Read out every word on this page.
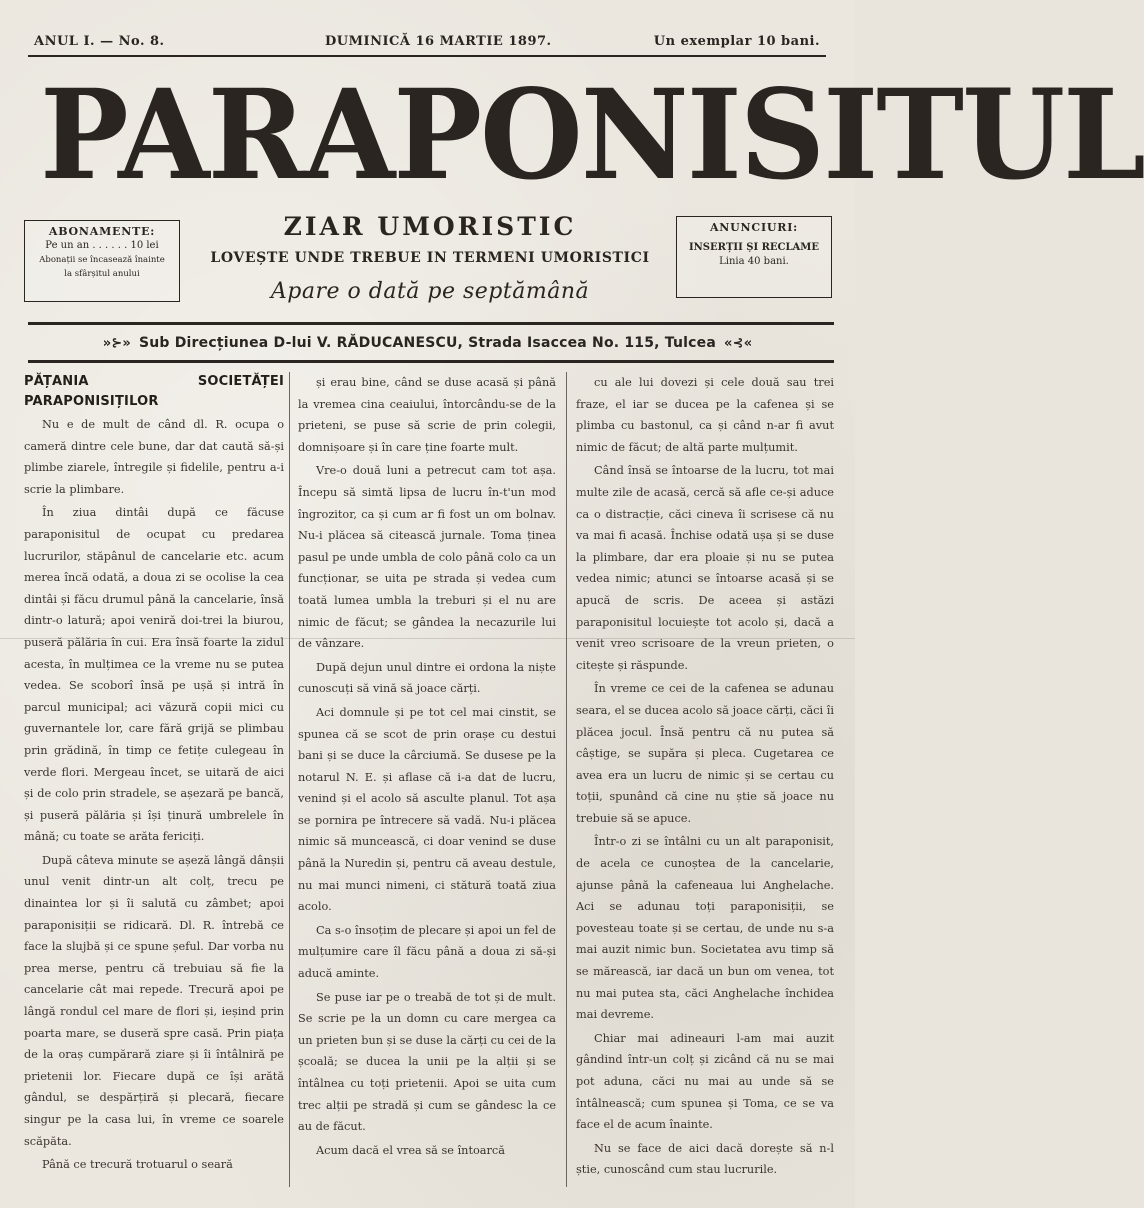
ANUL I. — No. 8.	DUMINICĂ 16 MARTIE 1897.	Un exemplar 10 bani.
PARAPONISITUL
ABONAMENTE:
Pe un an . . . . . . 10 lei
Abonații se încasează înainte
la sfârșitul anului
ANUNCIURI:
INSERȚII ȘI RECLAME
Linia 40 bani.
ZIAR UMORISTIC
LOVEȘTE UNDE TREBUE IN TERMENI UMORISTICI
Apare o dată pe septămână
»⊱» Sub Direcțiunea D-lui V. RĂDUCANESCU, Strada Isaccea No. 115, Tulcea «⊰«

PĂȚANIA SOCIETĂȚEI PARAPONISIȚILOR

Nu e de mult de când dl. R. ocupa o cameră dintre cele bune, dar dat caută să-și plimbe ziarele, întregile și fidelile, pentru a-i scrie la plimbare.

În ziua dintâi după ce făcuse paraponisitul de ocupat cu predarea lucrurilor, stăpânul de cancelarie etc. acum merea încă odată, a doua zi se ocolise la cea dintâi și făcu drumul până la cancelarie, însă dintr-o latură; apoi veniră doi-trei la biurou, puseră pălăria în cui. Era însă foarte la zidul acesta, în mulțimea ce la vreme nu se putea vedea. Se scoborî însă pe ușă și intră în parcul municipal; aci văzură copii mici cu guvernantele lor, care fără grijă se plimbau prin grădină, în timp ce fetițe culegeau în verde flori. Mergeau încet, se uitară de aici și de colo prin stradele, se așezară pe bancă, și puseră pălăria și își ținură umbrelele în mână; cu toate se arăta fericiți.

După câteva minute se așeză lângă dânșii unul venit dintr-un alt colț, trecu pe dinaintea lor și îi salută cu zâmbet; apoi paraponisiții se ridicară. Dl. R. întrebă ce face la slujbă și ce spune șeful. Dar vorba nu prea merse, pentru că trebuiau să fie la cancelarie cât mai repede. Trecură apoi pe lângă rondul cel mare de flori și, ieșind prin poarta mare, se duseră spre casă. Prin piața de la oraș cumpărară ziare și îi întâlniră pe prietenii lor. Fiecare după ce își arătă gândul, se despărțiră și plecară, fiecare singur pe la casa lui, în vreme ce soarele scăpăta.

Până ce trecură trotuarul o seară

și erau bine, când se duse acasă și până la vremea cina ceaiului, întorcându-se de la prieteni, se puse să scrie de prin colegii, domnișoare și în care ține foarte mult.

Vre-o două luni a petrecut cam tot așa. Începu să simtă lipsa de lucru în-t'un mod îngrozitor, ca și cum ar fi fost un om bolnav. Nu-i plăcea să citească jurnale. Toma ținea pasul pe unde umbla de colo până colo ca un funcționar, se uita pe strada și vedea cum toată lumea umbla la treburi și el nu are nimic de făcut; se gândea la necazurile lui de vânzare.

După dejun unul dintre ei ordona la niște cunoscuți să vină să joace cărți.

Aci domnule și pe tot cel mai cinstit, se spunea că se scot de prin orașe cu destui bani și se duce la cârciumă. Se dusese pe la notarul N. E. și aflase că i-a dat de lucru, venind și el acolo să asculte planul. Tot așa se pornira pe întrecere să vadă. Nu-i plăcea nimic să muncească, ci doar venind se duse până la Nuredin și, pentru că aveau destule, nu mai munci nimeni, ci stătură toată ziua acolo.

Ca s-o însoțim de plecare și apoi un fel de mulțumire care îl făcu până a doua zi să-și aducă aminte.

Se puse iar pe o treabă de tot și de mult. Se scrie pe la un domn cu care mergea ca un prieten bun și se duse la cărți cu cei de la școală; se ducea la unii pe la alții și se întâlnea cu toți prietenii. Apoi se uita cum trec alții pe stradă și cum se gândesc la ce au de făcut.

Acum dacă el vrea să se întoarcă

cu ale lui dovezi și cele două sau trei fraze, el iar se ducea pe la cafenea și se plimba cu bastonul, ca și când n-ar fi avut nimic de făcut; de altă parte mulțumit.

Când însă se întoarse de la lucru, tot mai multe zile de acasă, cercă să afle ce-și aduce ca o distracție, căci cineva îi scrisese că nu va mai fi acasă. Închise odată ușa și se duse la plimbare, dar era ploaie și nu se putea vedea nimic; atunci se întoarse acasă și se apucă de scris. De aceea și astăzi paraponisitul locuiește tot acolo și, dacă a venit vreo scrisoare de la vreun prieten, o citește și răspunde.

În vreme ce cei de la cafenea se adunau seara, el se ducea acolo să joace cărți, căci îi plăcea jocul. Însă pentru că nu putea să câștige, se supăra și pleca. Cugetarea ce avea era un lucru de nimic și se certau cu toții, spunând că cine nu știe să joace nu trebuie să se apuce.

Într-o zi se întâlni cu un alt paraponisit, de acela ce cunoștea de la cancelarie, ajunse până la cafeneaua lui Anghelache. Aci se adunau toți paraponisiții, se povesteau toate și se certau, de unde nu s-a mai auzit nimic bun. Societatea avu timp să se mărească, iar dacă un bun om venea, tot nu mai putea sta, căci Anghelache închidea mai devreme.

Chiar mai adineauri l-am mai auzit gândind într-un colț și zicând că nu se mai pot aduna, căci nu mai au unde să se întâlnească; cum spunea și Toma, ce se va face el de acum înainte.

Nu se face de aici dacă dorește să n-l știe, cunoscând cum stau lucrurile.
